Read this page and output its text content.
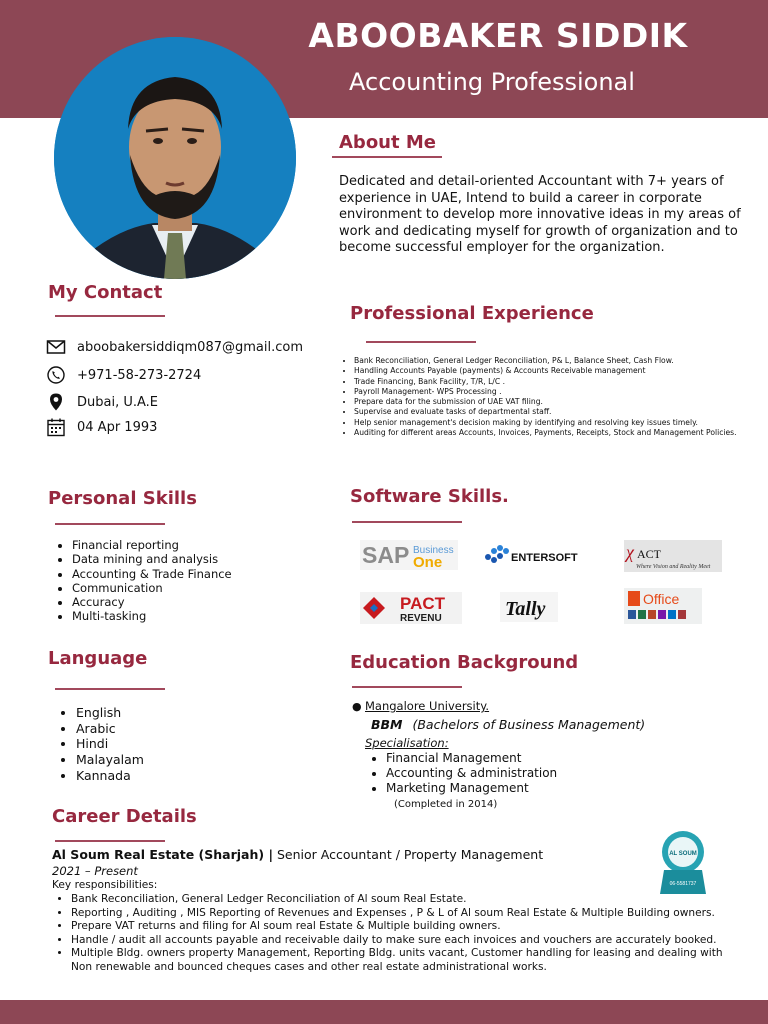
ABOOBAKER SIDDIK
Accounting Professional
About Me
Dedicated and detail-oriented Accountant with 7+ years of experience in UAE, Intend to build a career in corporate environment to develop more innovative ideas in my areas of work and dedicating myself for growth of organization and to become successful employer for the organization.
My Contact
aboobakersiddiqm087@gmail.com
+971-58-273-2724
Dubai, U.A.E
04 Apr 1993
Professional Experience
• Bank Reconciliation, General Ledger Reconciliation, P& L, Balance Sheet, Cash Flow.
• Handling Accounts Payable (payments) & Accounts Receivable management
• Trade Financing, Bank Facility, T/R, L/C .
• Payroll Management- WPS Processing .
• Prepare data for the submission of UAE VAT filing.
• Supervise and evaluate tasks of departmental staff.
• Help senior management's decision making by identifying and resolving key issues timely.
• Auditing for different areas Accounts, Invoices, Payments, Receipts, Stock and Management Policies.
Personal Skills
• Financial reporting
• Data mining and analysis
• Accounting & Trade Finance
• Communication
• Accuracy
• Multi-tasking
Software Skills.
SAP Business
One	ENTERSOFT	χ ACT
Where Vision and Reality Meet
PACT
REVENU	Tally	Office
Language
• English
• Arabic
• Hindi
• Malayalam
• Kannada
Education Background
● Mangalore University.
BBM (Bachelors of Business Management)
Specialisation:
• Financial Management
• Accounting & administration
• Marketing Management
(Completed in 2014)
Career Details
Al Soum Real Estate (Sharjah) | Senior Accountant / Property Management
2021 – Present
Key responsibilities:
• Bank Reconciliation, General Ledger Reconciliation of Al soum Real Estate.
• Reporting , Auditing , MIS Reporting of Revenues and Expenses , P & L of Al soum Real Estate & Multiple Building owners.
• Prepare VAT returns and filing for Al soum real Estate & Multiple building owners.
• Handle / audit all accounts payable and receivable daily to make sure each invoices and vouchers are accurately booked.
• Multiple Bldg. owners property Management, Reporting Bldg. units vacant, Customer handling for leasing and dealing with Non renewable and bounced cheques cases and other real estate administrational works.
AL SOUM
06-5581737
